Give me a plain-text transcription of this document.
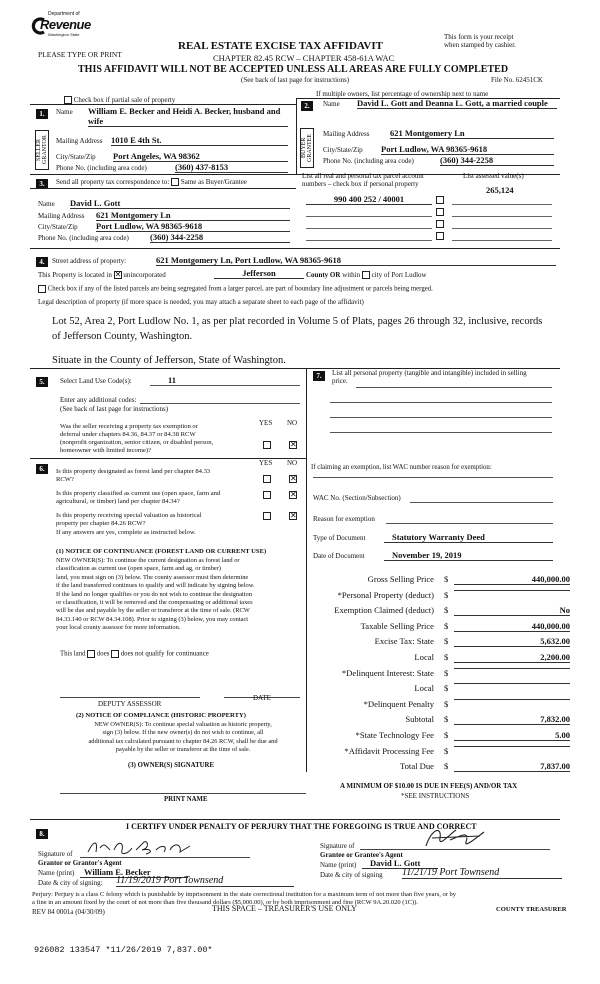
Department of
Revenue
Washington State
PLEASE TYPE OR PRINT
REAL ESTATE EXCISE TAX AFFIDAVIT
CHAPTER 82.45 RCW – CHAPTER 458-61A WAC
THIS AFFIDAVIT WILL NOT BE ACCEPTED UNLESS ALL AREAS ARE FULLY COMPLETED
(See back of last page for instructions)
This form is your receipt
when stamped by cashier.
File No. 62451CK
Check box if partial sale of property
If multiple owners, list percentage of ownership next to name
1.
SELLER GRANTOR
Name William E. Becker and Heidi A. Becker, husband and wife
Mailing Address 1010 E 4th St.
City/State/Zip Port Angeles, WA 98362
Phone No. (including area code)	(360) 437-8153
2.
BUYER GRANTEE
Name David L. Gott and Deanna L. Gott, a married couple
Mailing Address 621 Montgomery Ln
City/State/Zip Port Ludlow, WA 98365-9618
Phone No. (including area code)	(360) 344-2258
3.	Send all property tax correspondence to: Same as Buyer/Grantee
Name David L. Gott
Mailing Address 621 Montgomery Ln
City/State/Zip Port Ludlow, WA 98365-9618
Phone No. (including area code) (360) 344-2258
List all real and personal tax parcel account
numbers – check box if personal property
List assessed value(s)
265,124
990 400 252 / 40001
4.	Street address of property:	621 Montgomery Ln, Port Ludlow, WA 98365-9618
This Property is located in ✕ unincorporated	Jefferson	County OR within city of Port Ludlow
Check box if any of the listed parcels are being segregated from a larger parcel, are part of boundary line adjustment or parcels being merged.
Legal description of property (if more space is needed, you may attach a separate sheet to each page of the affidavit)
Lot 52, Area 2, Port Ludlow No. 1, as per plat recorded in Volume 5 of Plats, pages 26 through 32, inclusive, records
of Jefferson County, Washington.
Situate in the County of Jefferson, State of Washington.
5.	Select Land Use Code(s):	11
Enter any additional codes:
(See back of last page for instructions)
YES NO
Was the seller receiving a property tax exemption or
deferral under chapters 84.36, 84.37 or 84.38 RCW
(nonprofit organization, senior citizen, or disabled person,
homeowner with limited income)?
✕
7.	List all personal property (tangible and intangible) included in selling
price.
6.
YES NO
Is this property designated as forest land per chapter 84.33
RCW?
✕
Is this property classified as current use (open space, farm and
agricultural, or timber) land per chapter 84.34?
✕
Is this property receiving special valuation as historical
property per chapter 84.26 RCW?
✕
If any answers are yes, complete as instructed below.
(1) NOTICE OF CONTINUANCE (FOREST LAND OR CURRENT USE)
NEW OWNER(S): To continue the current designation as forest land or
classification as current use (open space, farm and ag, or timber)
land, you must sign on (3) below. The county assessor must then determine
if the land transferred continues to qualify and will indicate by signing below.
If the land no longer qualifies or you do not wish to continue the designation
or classification, it will be removed and the compensating or additional taxes
will be due and payable by the seller or transferor at the time of sale. (RCW
84.33.140 or RCW 84.34.108). Prior to signing (3) below, you may contact
your local county assessor for more information.
This land does does not qualify for continuance
DEPUTY ASSESSOR
DATE
(2) NOTICE OF COMPLIANCE (HISTORIC PROPERTY)
NEW OWNER(S): To continue special valuation as historic property,
sign (3) below. If the new owner(s) do not wish to continue, all
additional tax calculated pursuant to chapter 84.26 RCW, shall be due and
payable by the seller or transferor at the time of sale.
(3) OWNER(S) SIGNATURE
PRINT NAME
If claiming an exemption, list WAC number reason for exemption:
WAC No. (Section/Subsection)
Reason for exemption
Type of Document	Statutory Warranty Deed
Date of Document	November 19, 2019
Gross Selling Price $	440,000.00
*Personal Property (deduct) $
Exemption Claimed (deduct) $	No
Taxable Selling Price $	440,000.00
Excise Tax: State $	5,632.00
Local $	2,200.00
*Delinquent Interest: State $
Local $
*Delinquent Penalty $
Subtotal $	7,832.00
*State Technology Fee $	5.00
*Affidavit Processing Fee $
Total Due $	7,837.00
A MINIMUM OF $10.00 IS DUE IN FEE(S) AND/OR TAX
*SEE INSTRUCTIONS
8.
I CERTIFY UNDER PENALTY OF PERJURY THAT THE FOREGOING IS TRUE AND CORRECT
Signature of
Grantor or Grantor's Agent
Name (print)	William E. Becker
Date & city of signing: 11/19/2019 Port Townsend
Signature of
Grantee or Grantee's Agent
Name (print)	David L. Gott
Date & city of signing 11/21/19 Port Townsend
Perjury: Perjury is a class C felony which is punishable by imprisonment in the state correctional institution for a maximum term of not more than five years, or by
a fine in an amount fixed by the court of not more than five thousand dollars ($5,000.00), or by both imprisonment and fine (RCW 9A.20.020 (1C)).
REV 84 0001a (04/30/09)	THIS SPACE – TREASURER'S USE ONLY	COUNTY TREASURER
926082 133547 *11/26/2019 7,837.00*
